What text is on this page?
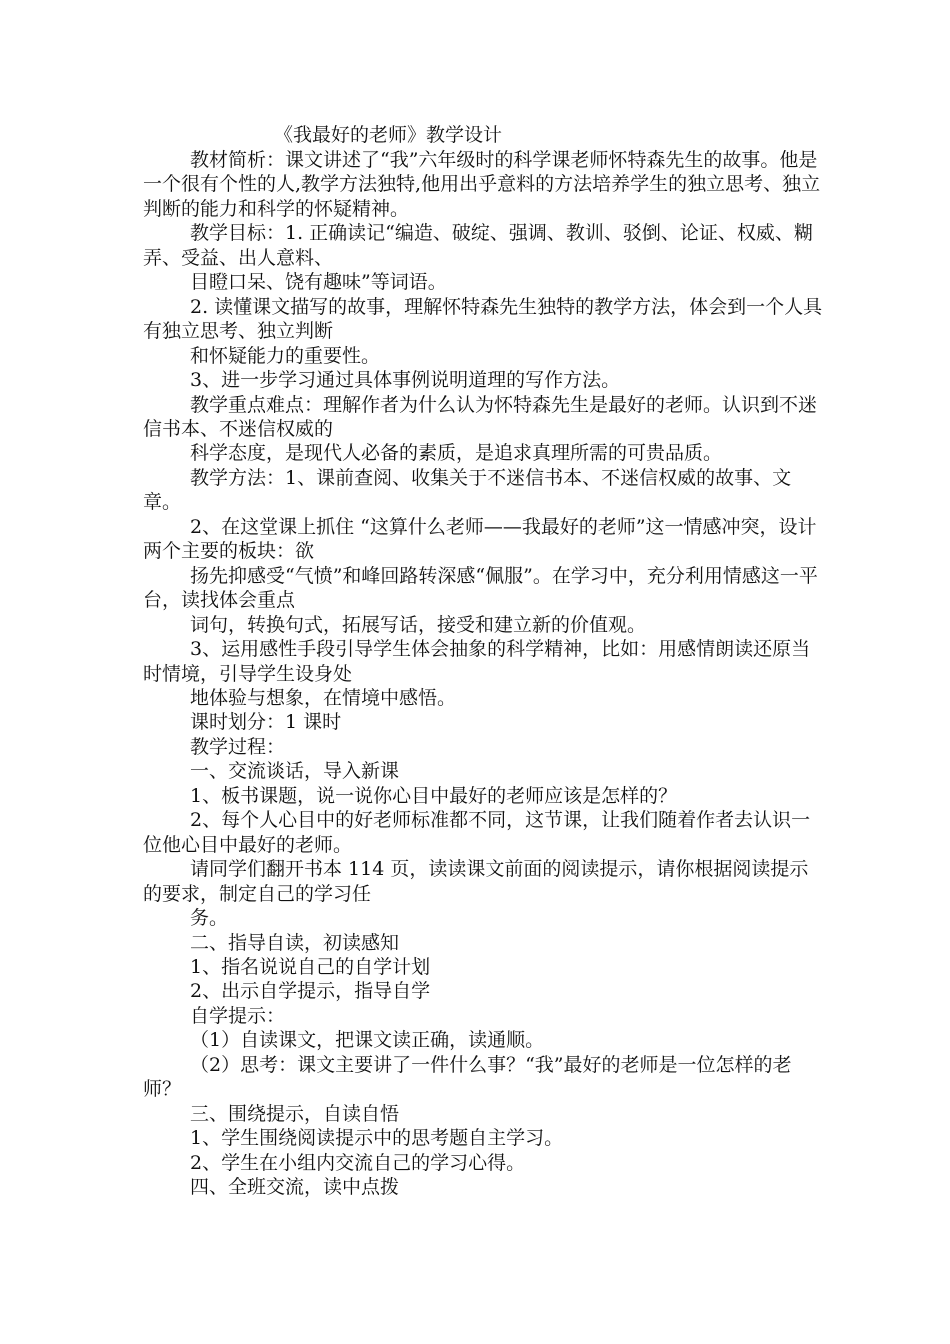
《我最好的老师》教学设计

教材简析：课文讲述了“我”六年级时的科学课老师怀特森先生的故事。他是一个很有个性的人,教学方法独特,他用出乎意料的方法培养学生的独立思考、独立判断的能力和科学的怀疑精神。

教学目标：1. 正确读记“编造、破绽、强调、教训、驳倒、论证、权威、糊弄、受益、出人意料、

目瞪口呆、饶有趣味”等词语。

2. 读懂课文描写的故事，理解怀特森先生独特的教学方法，体会到一个人具有独立思考、独立判断

和怀疑能力的重要性。

3、进一步学习通过具体事例说明道理的写作方法。

教学重点难点：理解作者为什么认为怀特森先生是最好的老师。认识到不迷信书本、不迷信权威的

科学态度，是现代人必备的素质，是追求真理所需的可贵品质。

教学方法：1、课前查阅、收集关于不迷信书本、不迷信权威的故事、文章。

2、在这堂课上抓住 “这算什么老师——我最好的老师”这一情感冲突，设计两个主要的板块：欲

扬先抑感受“气愤”和峰回路转深感“佩服”。在学习中，充分利用情感这一平台，读找体会重点

词句，转换句式，拓展写话，接受和建立新的价值观。

3、运用感性手段引导学生体会抽象的科学精神，比如：用感情朗读还原当时情境，引导学生设身处

地体验与想象，在情境中感悟。

课时划分：1 课时

教学过程：

一、交流谈话，导入新课

1、板书课题，说一说你心目中最好的老师应该是怎样的？

2、每个人心目中的好老师标准都不同，这节课，让我们随着作者去认识一位他心目中最好的老师。

请同学们翻开书本 114 页，读读课文前面的阅读提示，请你根据阅读提示的要求，制定自己的学习任

务。

二、指导自读，初读感知

1、指名说说自己的自学计划

2、出示自学提示，指导自学

自学提示：

（1）自读课文，把课文读正确，读通顺。

（2）思考：课文主要讲了一件什么事？“我”最好的老师是一位怎样的老师？

三、围绕提示，自读自悟

1、学生围绕阅读提示中的思考题自主学习。

2、学生在小组内交流自己的学习心得。

四、全班交流，读中点拨
